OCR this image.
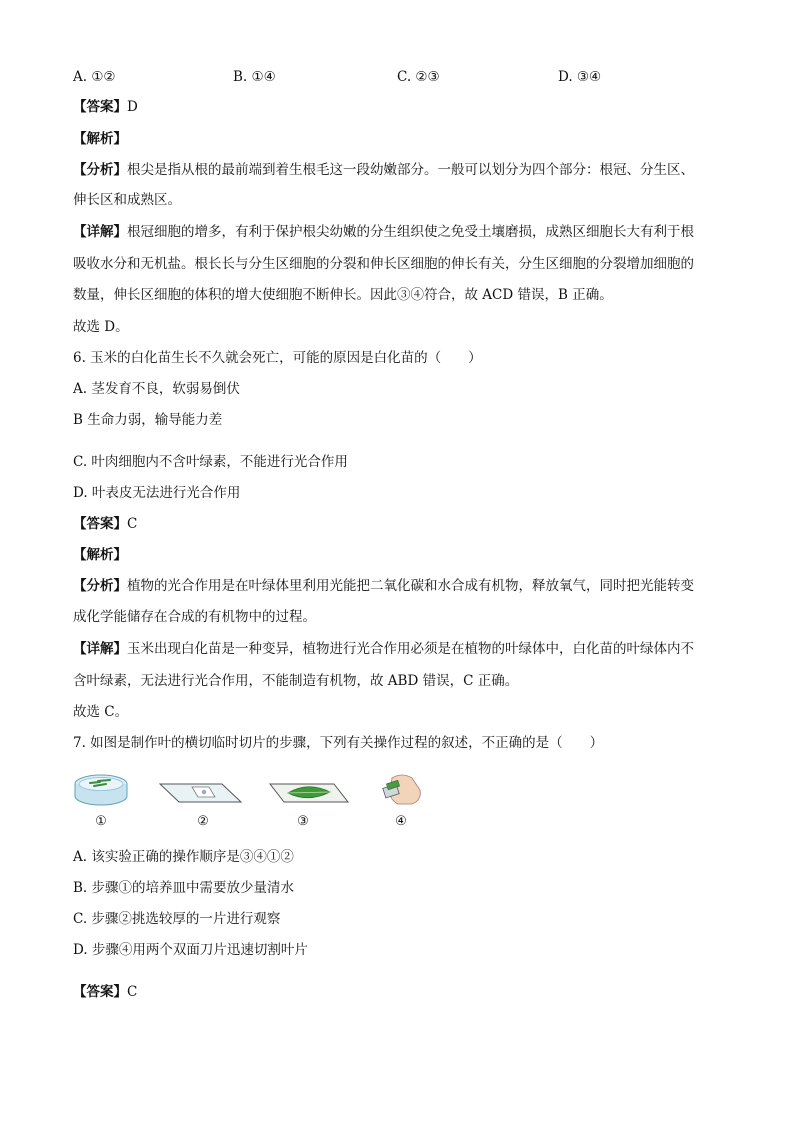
A. ①②	B. ①④	C. ②③	D. ③④
【答案】D
【解析】
【分析】根尖是指从根的最前端到着生根毛这一段幼嫩部分。一般可以划分为四个部分：根冠、分生区、
伸长区和成熟区。
【详解】根冠细胞的增多，有利于保护根尖幼嫩的分生组织使之免受土壤磨损，成熟区细胞长大有利于根
吸收水分和无机盐。根长长与分生区细胞的分裂和伸长区细胞的伸长有关，分生区细胞的分裂增加细胞的
数量，伸长区细胞的体积的增大使细胞不断伸长。因此③④符合，故 ACD 错误，B 正确。
故选 D。
6. 玉米的白化苗生长不久就会死亡，可能的原因是白化苗的（　　）
A. 茎发育不良，软弱易倒伏
B 生命力弱，输导能力差
C. 叶肉细胞内不含叶绿素，不能进行光合作用
D. 叶表皮无法进行光合作用
【答案】C
【解析】
【分析】植物的光合作用是在叶绿体里利用光能把二氧化碳和水合成有机物，释放氧气，同时把光能转变
成化学能储存在合成的有机物中的过程。
【详解】玉米出现白化苗是一种变异，植物进行光合作用必须是在植物的叶绿体中，白化苗的叶绿体内不
含叶绿素，无法进行光合作用，不能制造有机物，故 ABD 错误，C 正确。
故选 C。
7. 如图是制作叶的横切临时切片的步骤，下列有关操作过程的叙述，不正确的是（　　）
①	②	③	④
A. 该实验正确的操作顺序是③④①②
B. 步骤①的培养皿中需要放少量清水
C. 步骤②挑选较厚的一片进行观察
D. 步骤④用两个双面刀片迅速切割叶片
【答案】C
